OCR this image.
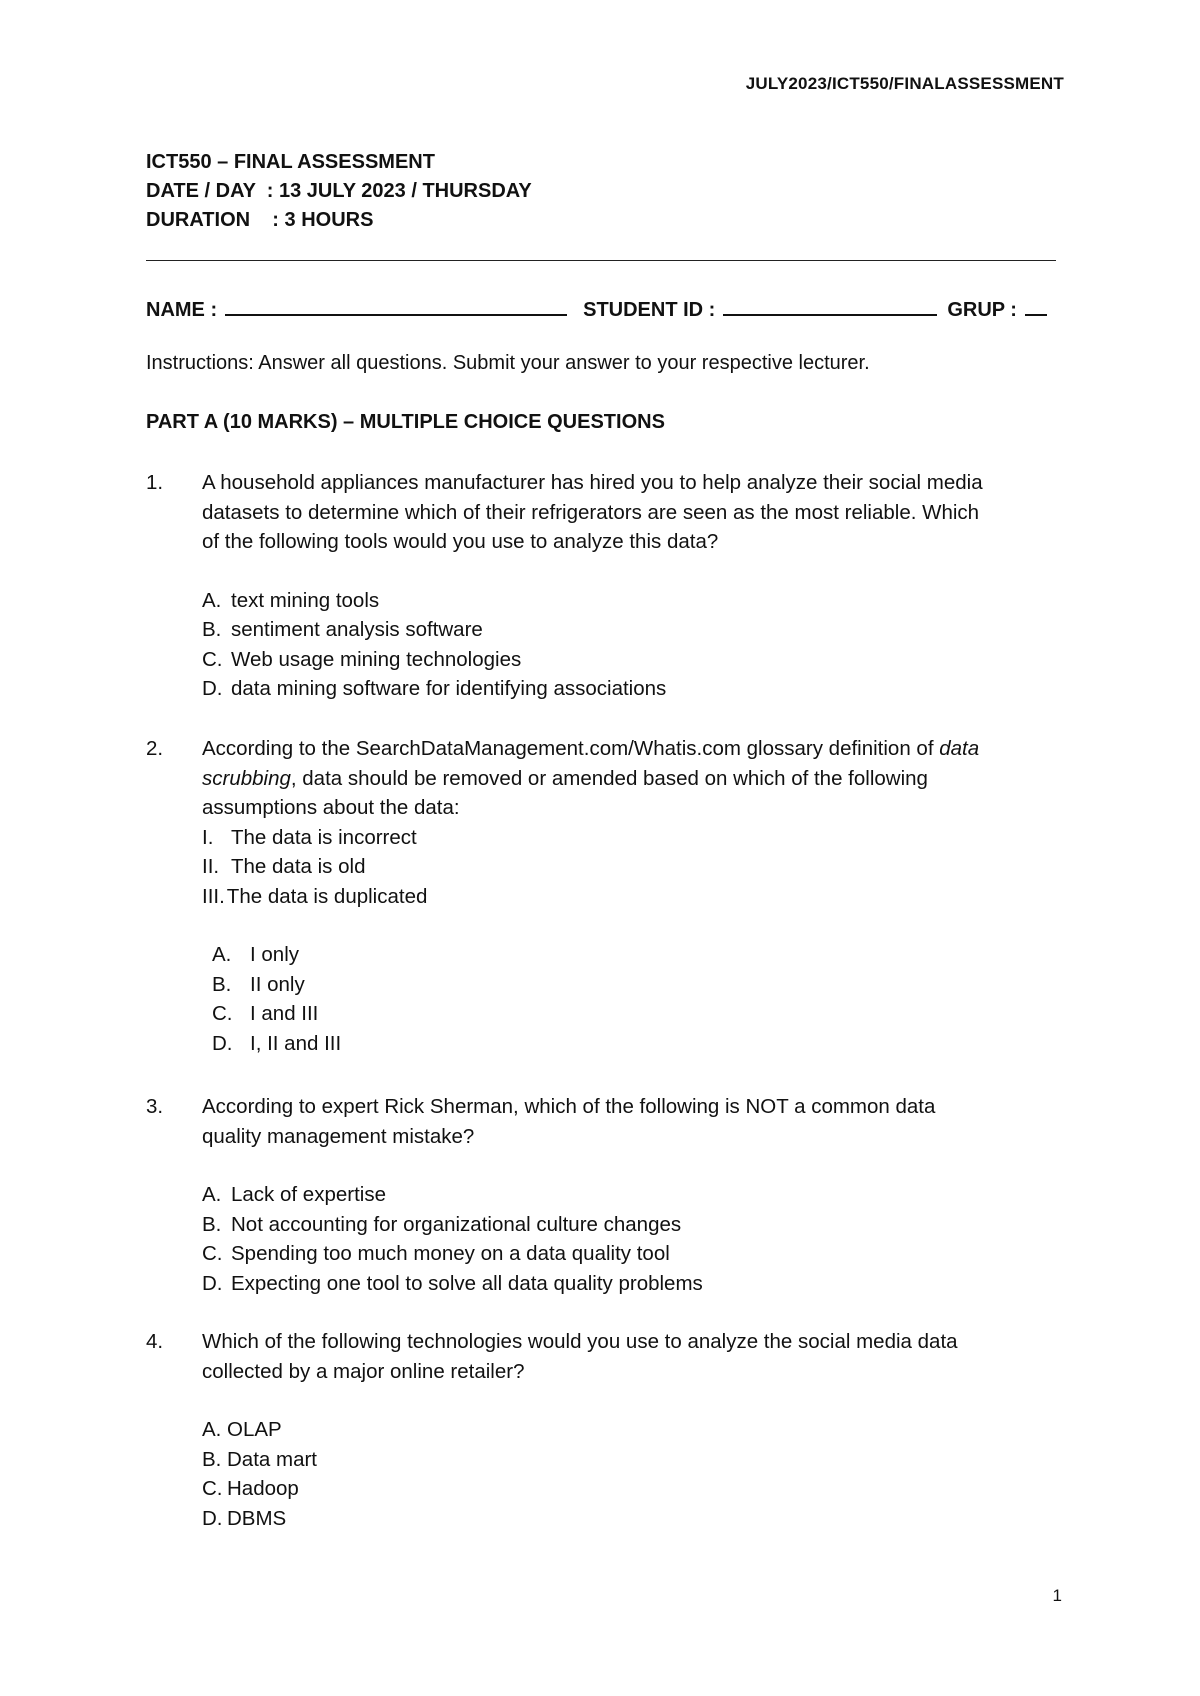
JULY2023/ICT550/FINALASSESSMENT
ICT550 – FINAL ASSESSMENT
DATE / DAY : 13 JULY 2023 / THURSDAY
DURATION : 3 HOURS
NAME :	STUDENT ID :	GRUP :
Instructions: Answer all questions. Submit your answer to your respective lecturer.
PART A (10 MARKS) – MULTIPLE CHOICE QUESTIONS
1. A household appliances manufacturer has hired you to help analyze their social media
datasets to determine which of their refrigerators are seen as the most reliable. Which
of the following tools would you use to analyze this data?
A. text mining tools
B. sentiment analysis software
C. Web usage mining technologies
D. data mining software for identifying associations
2. According to the SearchDataManagement.com/Whatis.com glossary definition of data
scrubbing, data should be removed or amended based on which of the following
assumptions about the data:
I. The data is incorrect
II. The data is old
III. The data is duplicated
A. I only
B. II only
C. I and III
D. I, II and III
3. According to expert Rick Sherman, which of the following is NOT a common data
quality management mistake?
A. Lack of expertise
B. Not accounting for organizational culture changes
C. Spending too much money on a data quality tool
D. Expecting one tool to solve all data quality problems
4. Which of the following technologies would you use to analyze the social media data
collected by a major online retailer?
A. OLAP
B. Data mart
C. Hadoop
D. DBMS
1
